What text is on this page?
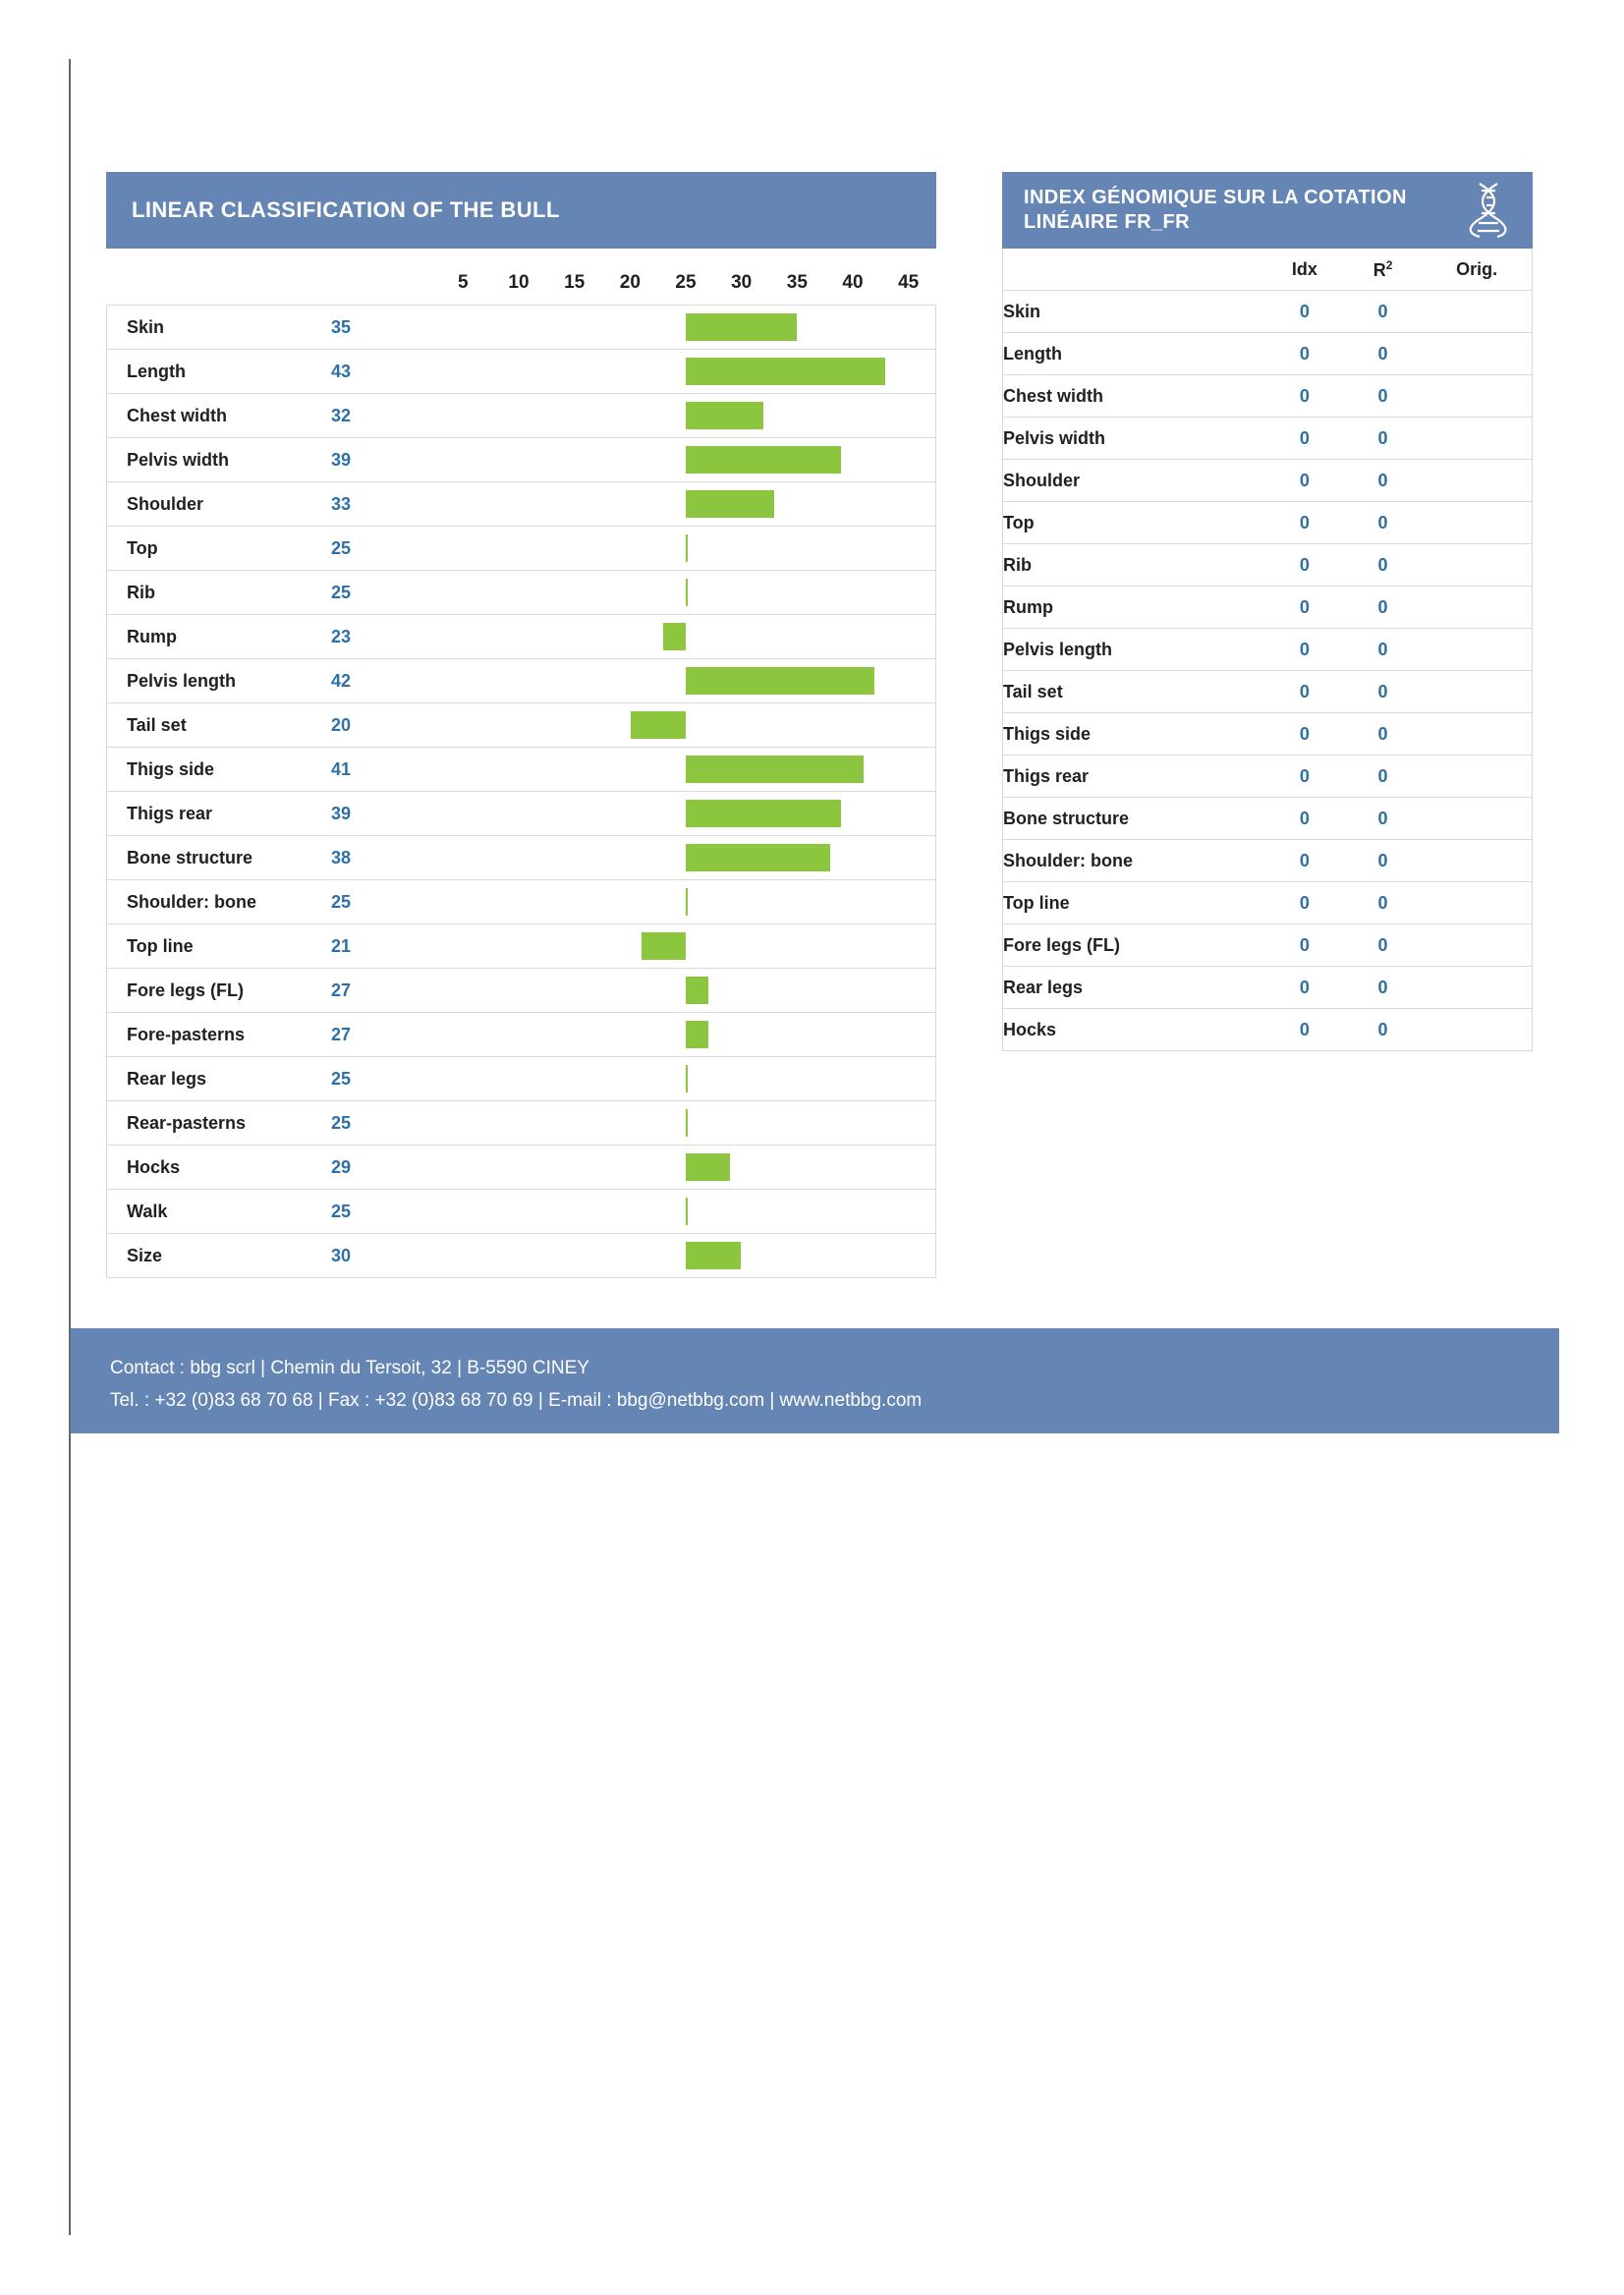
LINEAR CLASSIFICATION OF THE BULL
5 10 15 20 25 30 35 40 45
Skin	35
Length	43
Chest width	32
Pelvis width	39
Shoulder	33
Top	25
Rib	25
Rump	23
Pelvis length	42
Tail set	20
Thigs side	41
Thigs rear	39
Bone structure	38
Shoulder: bone	25
Top line	21
Fore legs (FL)	27
Fore-pasterns	27
Rear legs	25
Rear-pasterns	25
Hocks	29
Walk	25
Size	30
INDEX GÉNOMIQUE SUR LA COTATION LINÉAIRE FR_FR
	Idx	$R^2$	Orig.
Skin	0	0	
Length	0	0	
Chest width	0	0	
Pelvis width	0	0	
Shoulder	0	0	
Top	0	0	
Rib	0	0	
Rump	0	0	
Pelvis length	0	0	
Tail set	0	0	
Thigs side	0	0	
Thigs rear	0	0	
Bone structure	0	0	
Shoulder: bone	0	0	
Top line	0	0	
Fore legs (FL)	0	0	
Rear legs	0	0	
Hocks	0	0	
Contact : bbg scrl | Chemin du Tersoit, 32 | B-5590 CINEY
Tel. : +32 (0)83 68 70 68 | Fax : +32 (0)83 68 70 69 | E-mail : bbg@netbbg.com | www.netbbg.com
